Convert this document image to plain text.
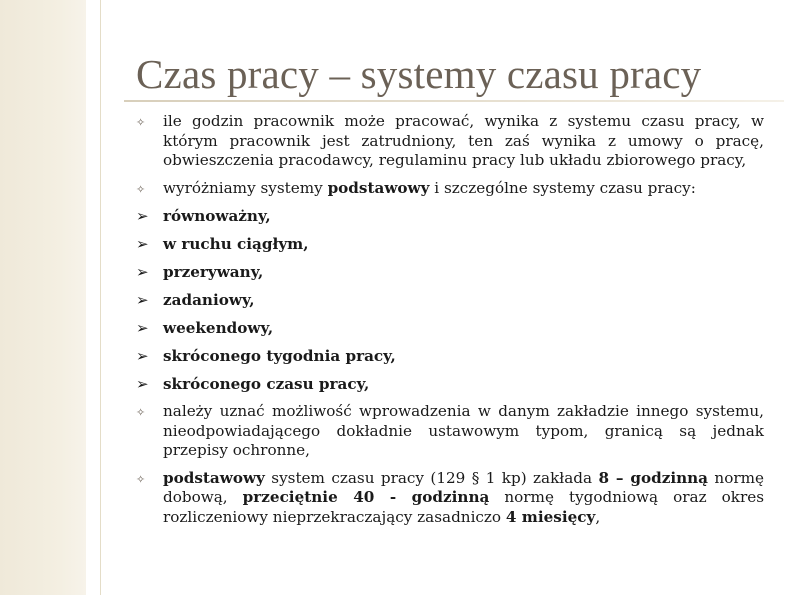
Czas pracy – systemy czasu pracy
✧	ile godzin pracownik może pracować, wynika z systemu czasu pracy, w którym pracownik jest zatrudniony, ten zaś wynika z umowy o pracę, obwieszczenia pracodawcy, regulaminu pracy lub układu zbiorowego pracy,
✧	wyróżniamy systemy podstawowy i szczególne systemy czasu pracy:
➢ równoważny,
➢ w ruchu ciągłym,
➢ przerywany,
➢ zadaniowy,
➢ weekendowy,
➢ skróconego tygodnia pracy,
➢ skróconego czasu pracy,
✧	należy uznać możliwość wprowadzenia w danym zakładzie innego systemu, nieodpowiadającego dokładnie ustawowym typom, granicą są jednak przepisy ochronne,
✧	podstawowy system czasu pracy (129 § 1 kp) zakłada 8 – godzinną normę dobową, przeciętnie 40 - godzinną normę tygodniową oraz okres rozliczeniowy nieprzekraczający zasadniczo 4 miesięcy,
